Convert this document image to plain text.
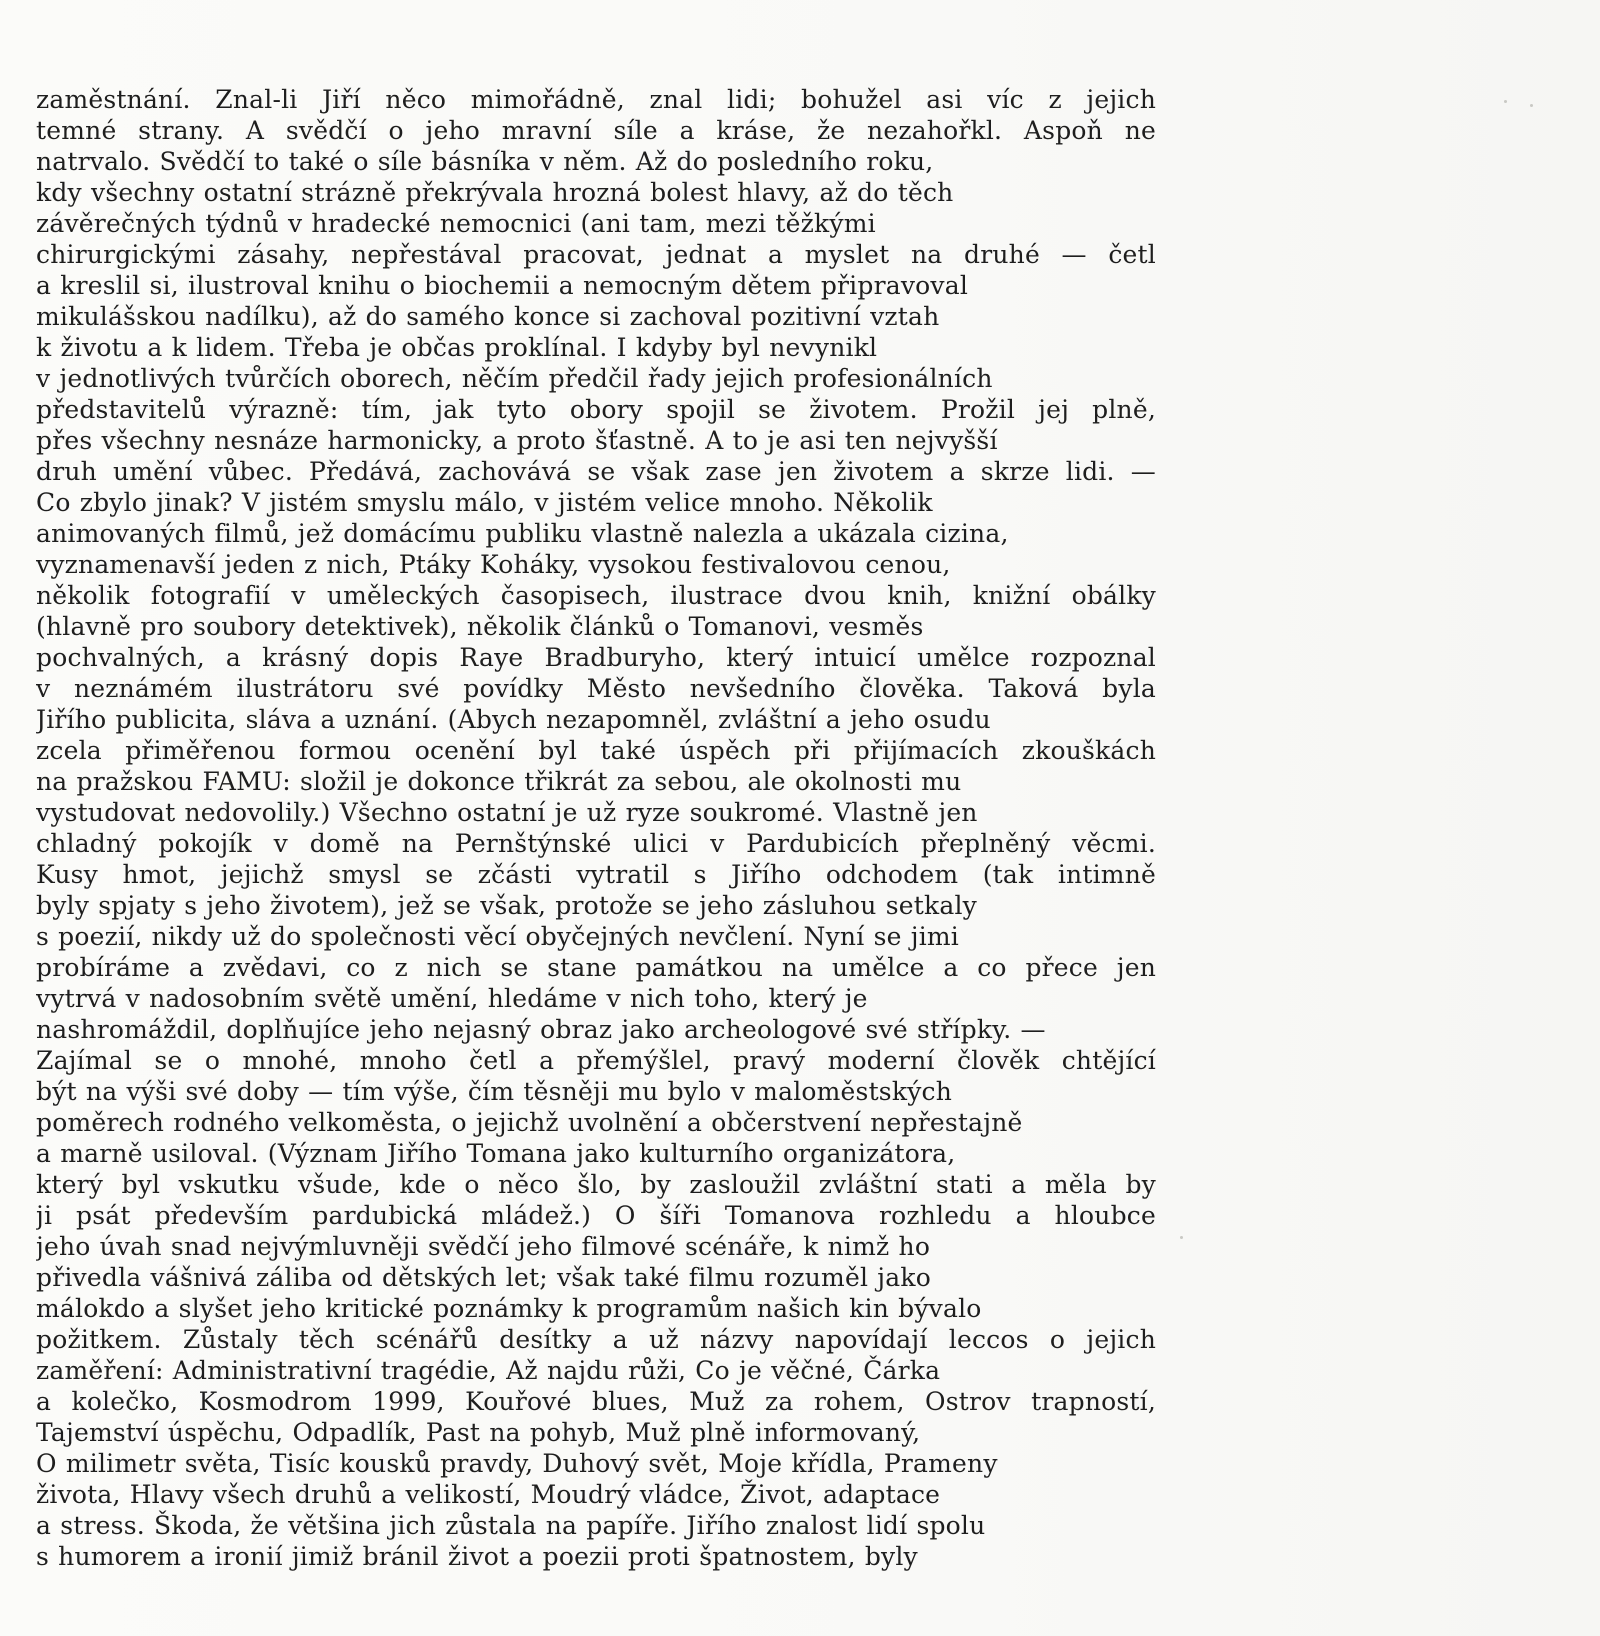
zaměstnání. Znal-li Jiří něco mimořádně, znal lidi; bohužel asi víc z jejich
temné strany. A svědčí o jeho mravní síle a kráse, že nezahořkl. Aspoň ne
natrvalo. Svědčí to také o síle básníka v něm. Až do posledního roku,
kdy všechny ostatní strázně překrývala hrozná bolest hlavy, až do těch
závěrečných týdnů v hradecké nemocnici (ani tam, mezi těžkými
chirurgickými zásahy, nepřestával pracovat, jednat a myslet na druhé — četl
a kreslil si, ilustroval knihu o biochemii a nemocným dětem připravoval
mikulášskou nadílku), až do samého konce si zachoval pozitivní vztah
k životu a k lidem. Třeba je občas proklínal. I kdyby byl nevynikl
v jednotlivých tvůrčích oborech, něčím předčil řady jejich profesionálních
představitelů výrazně: tím, jak tyto obory spojil se životem. Prožil jej plně,
přes všechny nesnáze harmonicky, a proto šťastně. A to je asi ten nejvyšší
druh umění vůbec. Předává, zachovává se však zase jen životem a skrze lidi. —
Co zbylo jinak? V jistém smyslu málo, v jistém velice mnoho. Několik
animovaných filmů, jež domácímu publiku vlastně nalezla a ukázala cizina,
vyznamenavší jeden z nich, Ptáky Koháky, vysokou festivalovou cenou,
několik fotografií v uměleckých časopisech, ilustrace dvou knih, knižní obálky
(hlavně pro soubory detektivek), několik článků o Tomanovi, vesměs
pochvalných, a krásný dopis Raye Bradburyho, který intuicí umělce rozpoznal
v neznámém ilustrátoru své povídky Město nevšedního člověka. Taková byla
Jiřího publicita, sláva a uznání. (Abych nezapomněl, zvláštní a jeho osudu
zcela přiměřenou formou ocenění byl také úspěch při přijímacích zkouškách
na pražskou FAMU: složil je dokonce třikrát za sebou, ale okolnosti mu
vystudovat nedovolily.) Všechno ostatní je už ryze soukromé. Vlastně jen
chladný pokojík v domě na Pernštýnské ulici v Pardubicích přeplněný věcmi.
Kusy hmot, jejichž smysl se zčásti vytratil s Jiřího odchodem (tak intimně
byly spjaty s jeho životem), jež se však, protože se jeho zásluhou setkaly
s poezií, nikdy už do společnosti věcí obyčejných nevčlení. Nyní se jimi
probíráme a zvědavi, co z nich se stane památkou na umělce a co přece jen
vytrvá v nadosobním světě umění, hledáme v nich toho, který je
nashromáždil, doplňujíce jeho nejasný obraz jako archeologové své střípky. —
Zajímal se o mnohé, mnoho četl a přemýšlel, pravý moderní člověk chtějící
být na výši své doby — tím výše, čím těsněji mu bylo v maloměstských
poměrech rodného velkoměsta, o jejichž uvolnění a občerstvení nepřestajně
a marně usiloval. (Význam Jiřího Tomana jako kulturního organizátora,
který byl vskutku všude, kde o něco šlo, by zasloužil zvláštní stati a měla by
ji psát především pardubická mládež.) O šíři Tomanova rozhledu a hloubce
jeho úvah snad nejvýmluvněji svědčí jeho filmové scénáře, k nimž ho
přivedla vášnivá záliba od dětských let; však také filmu rozuměl jako
málokdo a slyšet jeho kritické poznámky k programům našich kin bývalo
požitkem. Zůstaly těch scénářů desítky a už názvy napovídají leccos o jejich
zaměření: Administrativní tragédie, Až najdu růži, Co je věčné, Čárka
a kolečko, Kosmodrom 1999, Kouřové blues, Muž za rohem, Ostrov trapností,
Tajemství úspěchu, Odpadlík, Past na pohyb, Muž plně informovaný,
O milimetr světa, Tisíc kousků pravdy, Duhový svět, Moje křídla, Prameny
života, Hlavy všech druhů a velikostí, Moudrý vládce, Život, adaptace
a stress. Škoda, že většina jich zůstala na papíře. Jiřího znalost lidí spolu
s humorem a ironií jimiž bránil život a poezii proti špatnostem, byly
